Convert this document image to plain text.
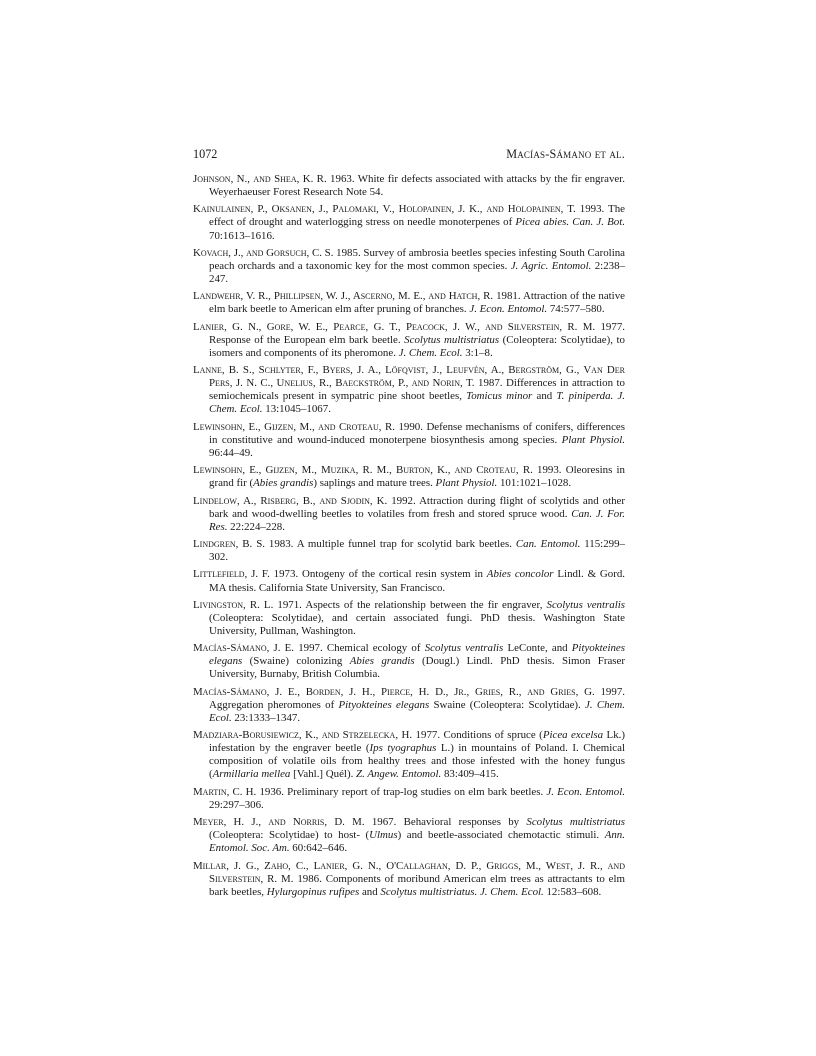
1072	Macías-Sámano et al.

Johnson, N., and Shea, K. R. 1963. White fir defects associated with attacks by the fir engraver. Weyerhaeuser Forest Research Note 54.

Kainulainen, P., Oksanen, J., Palomaki, V., Holopainen, J. K., and Holopainen, T. 1993. The effect of drought and waterlogging stress on needle monoterpenes of Picea abies. Can. J. Bot. 70:1613–1616.

Kovach, J., and Gorsuch, C. S. 1985. Survey of ambrosia beetles species infesting South Carolina peach orchards and a taxonomic key for the most common species. J. Agric. Entomol. 2:238–247.

Landwehr, V. R., Phillipsen, W. J., Ascerno, M. E., and Hatch, R. 1981. Attraction of the native elm bark beetle to American elm after pruning of branches. J. Econ. Entomol. 74:577–580.

Lanier, G. N., Gore, W. E., Pearce, G. T., Peacock, J. W., and Silverstein, R. M. 1977. Response of the European elm bark beetle. Scolytus multistriatus (Coleoptera: Scolytidae), to isomers and components of its pheromone. J. Chem. Ecol. 3:1–8.

Lanne, B. S., Schlyter, F., Byers, J. A., Löfqvist, J., Leufvén, A., Bergström, G., Van Der Pers, J. N. C., Unelius, R., Baeckström, P., and Norin, T. 1987. Differences in attraction to semiochemicals present in sympatric pine shoot beetles, Tomicus minor and T. piniperda. J. Chem. Ecol. 13:1045–1067.

Lewinsohn, E., Gijzen, M., and Croteau, R. 1990. Defense mechanisms of conifers, differences in constitutive and wound-induced monoterpene biosynthesis among species. Plant Physiol. 96:44–49.

Lewinsohn, E., Gijzen, M., Muzika, R. M., Burton, K., and Croteau, R. 1993. Oleoresins in grand fir (Abies grandis) saplings and mature trees. Plant Physiol. 101:1021–1028.

Lindelow, A., Risberg, B., and Sjodin, K. 1992. Attraction during flight of scolytids and other bark and wood-dwelling beetles to volatiles from fresh and stored spruce wood. Can. J. For. Res. 22:224–228.

Lindgren, B. S. 1983. A multiple funnel trap for scolytid bark beetles. Can. Entomol. 115:299–302.

Littlefield, J. F. 1973. Ontogeny of the cortical resin system in Abies concolor Lindl. & Gord. MA thesis. California State University, San Francisco.

Livingston, R. L. 1971. Aspects of the relationship between the fir engraver, Scolytus ventralis (Coleoptera: Scolytidae), and certain associated fungi. PhD thesis. Washington State University, Pullman, Washington.

Macías-Sámano, J. E. 1997. Chemical ecology of Scolytus ventralis LeConte, and Pityokteines elegans (Swaine) colonizing Abies grandis (Dougl.) Lindl. PhD thesis. Simon Fraser University, Burnaby, British Columbia.

Macías-Sámano, J. E., Borden, J. H., Pierce, H. D., Jr., Gries, R., and Gries, G. 1997. Aggregation pheromones of Pityokteines elegans Swaine (Coleoptera: Scolytidae). J. Chem. Ecol. 23:1333–1347.

Madziara-Borusiewicz, K., and Strzelecka, H. 1977. Conditions of spruce (Picea excelsa Lk.) infestation by the engraver beetle (Ips tyographus L.) in mountains of Poland. I. Chemical composition of volatile oils from healthy trees and those infested with the honey fungus (Armillaria mellea [Vahl.] Quél). Z. Angew. Entomol. 83:409–415.

Martin, C. H. 1936. Preliminary report of trap-log studies on elm bark beetles. J. Econ. Entomol. 29:297–306.

Meyer, H. J., and Norris, D. M. 1967. Behavioral responses by Scolytus multistriatus (Coleoptera: Scolytidae) to host- (Ulmus) and beetle-associated chemotactic stimuli. Ann. Entomol. Soc. Am. 60:642–646.

Millar, J. G., Zaho, C., Lanier, G. N., O'Callaghan, D. P., Griggs, M., West, J. R., and Silverstein, R. M. 1986. Components of moribund American elm trees as attractants to elm bark beetles, Hylurgopinus rufipes and Scolytus multistriatus. J. Chem. Ecol. 12:583–608.
